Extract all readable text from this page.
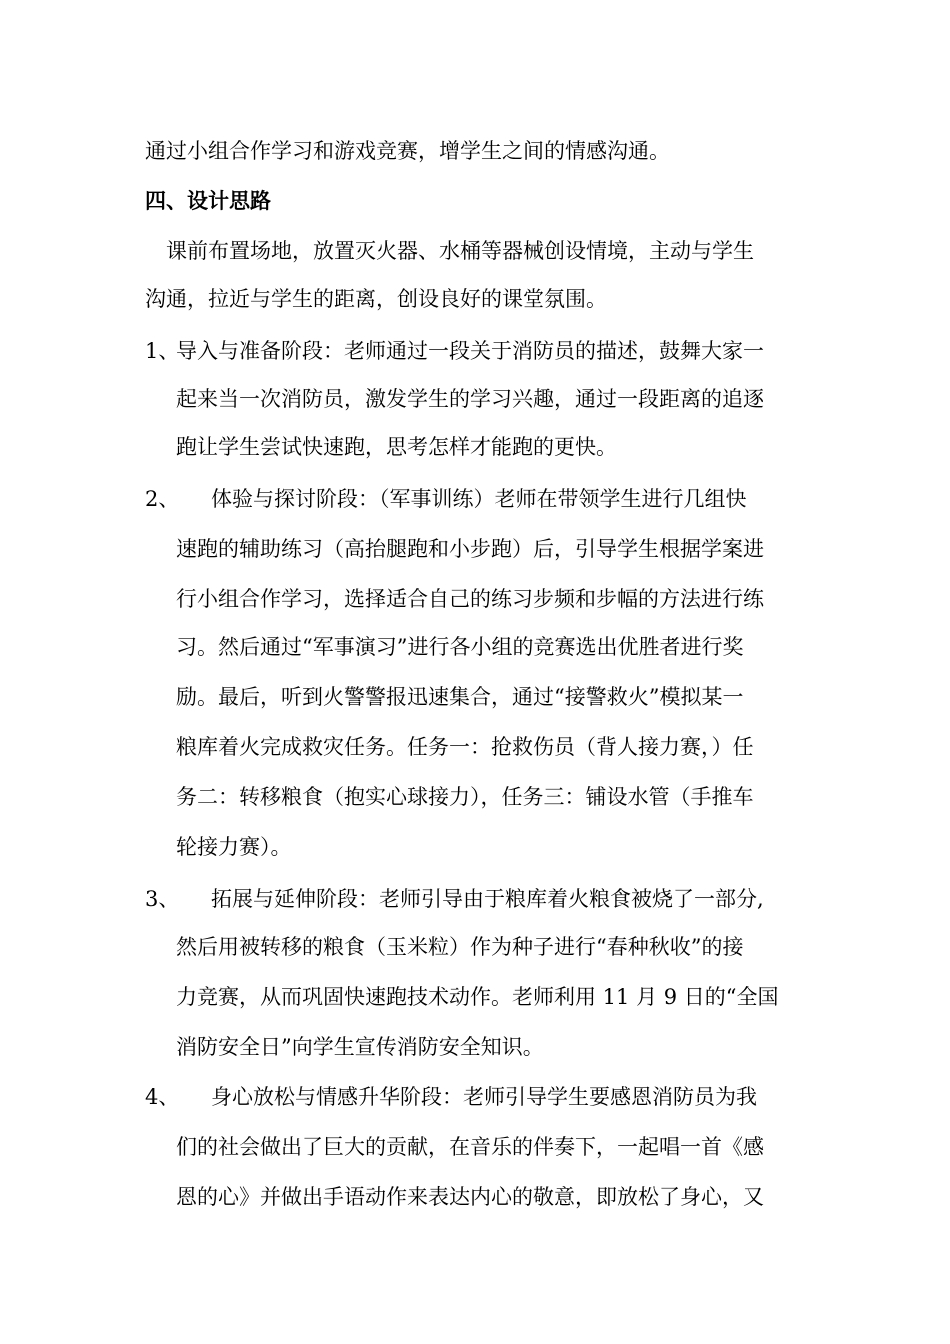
通过小组合作学习和游戏竞赛，增学生之间的情感沟通。
四、设计思路
课前布置场地，放置灭火器、水桶等器械创设情境，主动与学生
沟通，拉近与学生的距离，创设良好的课堂氛围。
1、
导入与准备阶段：老师通过一段关于消防员的描述，鼓舞大家一
起来当一次消防员，激发学生的学习兴趣，通过一段距离的追逐
跑让学生尝试快速跑，思考怎样才能跑的更快。
2、 体验与探讨阶段：（军事训练）老师在带领学生进行几组快
速跑的辅助练习（高抬腿跑和小步跑）后，引导学生根据学案进
行小组合作学习，选择适合自己的练习步频和步幅的方法进行练
习。然后通过“军事演习”进行各小组的竞赛选出优胜者进行奖
励。最后，听到火警警报迅速集合，通过“接警救火”模拟某一
粮库着火完成救灾任务。任务一：抢救伤员（背人接力赛，）任
务二：转移粮食（抱实心球接力），任务三：铺设水管（手推车
轮接力赛）。
3、 拓展与延伸阶段：老师引导由于粮库着火粮食被烧了一部分,
然后用被转移的粮食（玉米粒）作为种子进行“春种秋收”的接
力竞赛，从而巩固快速跑技术动作。老师利用 11 月 9 日的“全国
消防安全日”向学生宣传消防安全知识。
4、 身心放松与情感升华阶段：老师引导学生要感恩消防员为我
们的社会做出了巨大的贡献，在音乐的伴奏下，一起唱一首《感
恩的心》并做出手语动作来表达内心的敬意，即放松了身心，又
